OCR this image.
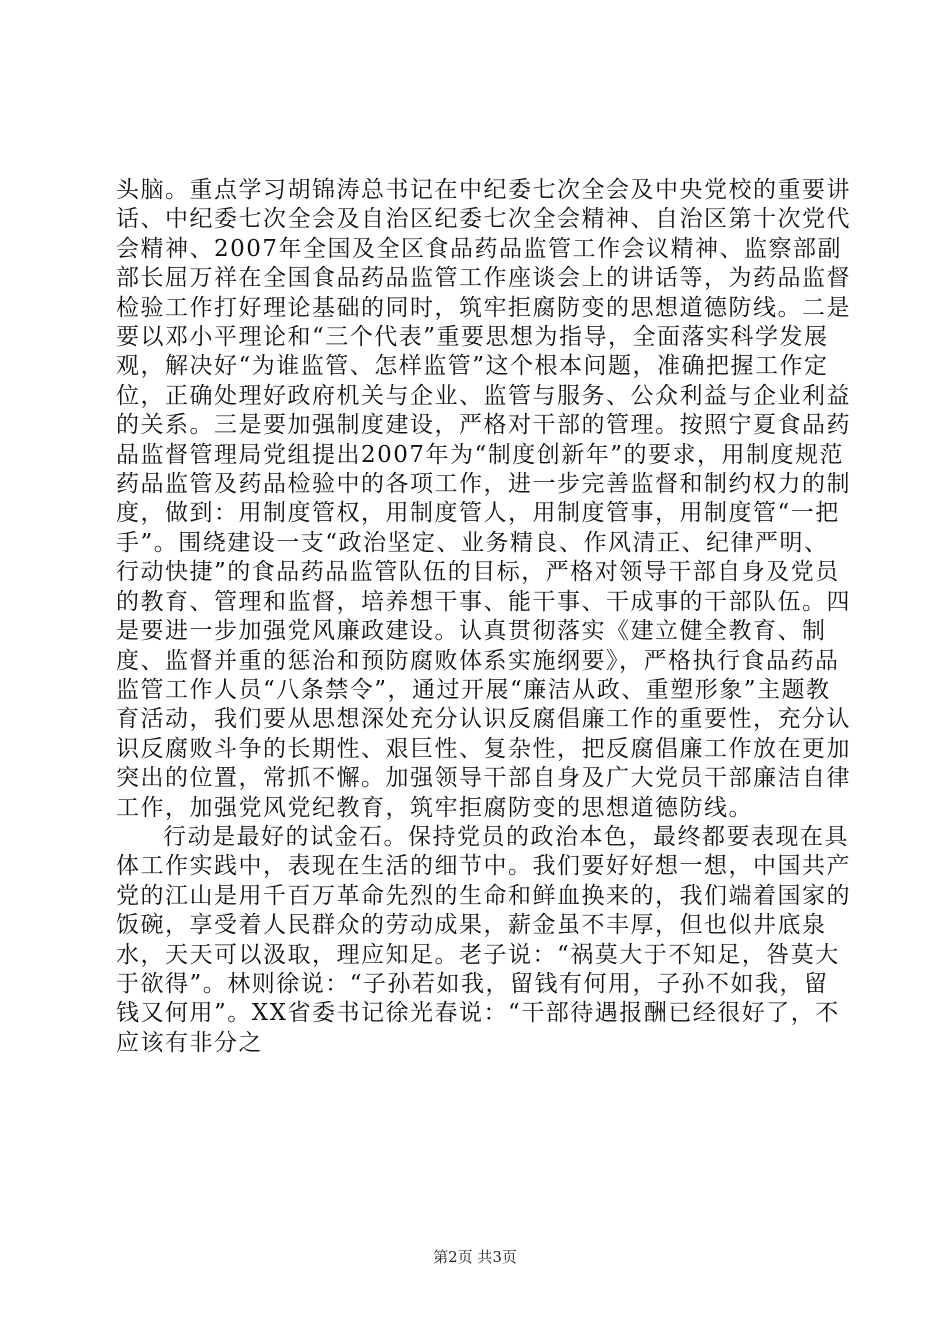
头脑。重点学习胡锦涛总书记在中纪委七次全会及中央党校的重要讲话、中纪委七次全会及自治区纪委七次全会精神、自治区第十次党代会精神、2007年全国及全区食品药品监管工作会议精神、监察部副部长屈万祥在全国食品药品监管工作座谈会上的讲话等，为药品监督检验工作打好理论基础的同时，筑牢拒腐防变的思想道德防线。二是要以邓小平理论和“三个代表”重要思想为指导，全面落实科学发展观，解决好“为谁监管、怎样监管”这个根本问题，准确把握工作定位，正确处理好政府机关与企业、监管与服务、公众利益与企业利益的关系。三是要加强制度建设，严格对干部的管理。按照宁夏食品药品监督管理局党组提出2007年为“制度创新年”的要求，用制度规范药品监管及药品检验中的各项工作，进一步完善监督和制约权力的制度，做到：用制度管权，用制度管人，用制度管事，用制度管“一把手”。围绕建设一支“政治坚定、业务精良、作风清正、纪律严明、行动快捷”的食品药品监管队伍的目标，严格对领导干部自身及党员的教育、管理和监督，培养想干事、能干事、干成事的干部队伍。四是要进一步加强党风廉政建设。认真贯彻落实《建立健全教育、制度、监督并重的惩治和预防腐败体系实施纲要》，严格执行食品药品监管工作人员“八条禁令”，通过开展“廉洁从政、重塑形象”主题教育活动，我们要从思想深处充分认识反腐倡廉工作的重要性，充分认识反腐败斗争的长期性、艰巨性、复杂性，把反腐倡廉工作放在更加突出的位置，常抓不懈。加强领导干部自身及广大党员干部廉洁自律工作，加强党风党纪教育，筑牢拒腐防变的思想道德防线。

行动是最好的试金石。保持党员的政治本色，最终都要表现在具体工作实践中，表现在生活的细节中。我们要好好想一想，中国共产党的江山是用千百万革命先烈的生命和鲜血换来的，我们端着国家的饭碗，享受着人民群众的劳动成果，薪金虽不丰厚，但也似井底泉水，天天可以汲取，理应知足。老子说：“祸莫大于不知足，咎莫大于欲得”。林则徐说：“子孙若如我，留钱有何用，子孙不如我，留钱又何用”。XX省委书记徐光春说：“干部待遇报酬已经很好了，不应该有非分之

第2页 共3页
